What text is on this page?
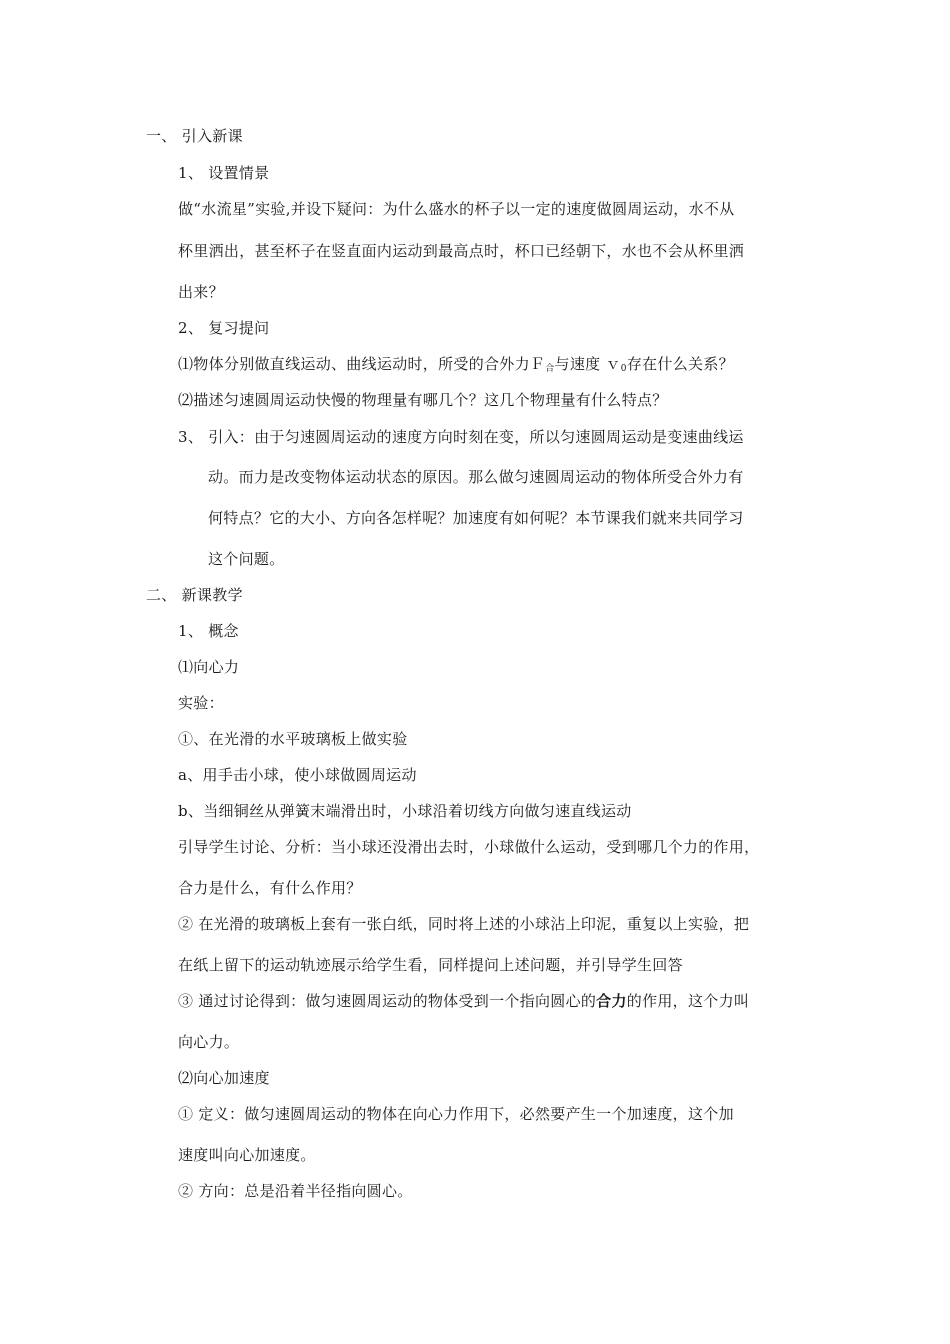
一、 引入新课
1、 设置情景
做“水流星”实验,并设下疑问：为什么盛水的杯子以一定的速度做圆周运动，水不从
杯里洒出，甚至杯子在竖直面内运动到最高点时，杯口已经朝下，水也不会从杯里洒
出来？
2、 复习提问
⑴物体分别做直线运动、曲线运动时，所受的合外力Ｆ$_合$与速度 ｖ$_0$存在什么关系？
⑵描述匀速圆周运动快慢的物理量有哪几个？这几个物理量有什么特点？
3、 引入：由于匀速圆周运动的速度方向时刻在变，所以匀速圆周运动是变速曲线运
动。而力是改变物体运动状态的原因。那么做匀速圆周运动的物体所受合外力有
何特点？它的大小、方向各怎样呢？加速度有如何呢？本节课我们就来共同学习
这个问题。
二、 新课教学
1、 概念
⑴向心力
实验：
①、在光滑的水平玻璃板上做实验
a、用手击小球，使小球做圆周运动
b、当细铜丝从弹簧末端滑出时，小球沿着切线方向做匀速直线运动
引导学生讨论、分析：当小球还没滑出去时，小球做什么运动，受到哪几个力的作用，
合力是什么，有什么作用？
② 在光滑的玻璃板上套有一张白纸，同时将上述的小球沾上印泥，重复以上实验，把
在纸上留下的运动轨迹展示给学生看，同样提问上述问题，并引导学生回答
③ 通过讨论得到：做匀速圆周运动的物体受到一个指向圆心的合力的作用，这个力叫
向心力。
⑵向心加速度
① 定义：做匀速圆周运动的物体在向心力作用下，必然要产生一个加速度，这个加
速度叫向心加速度。
② 方向：总是沿着半径指向圆心。
